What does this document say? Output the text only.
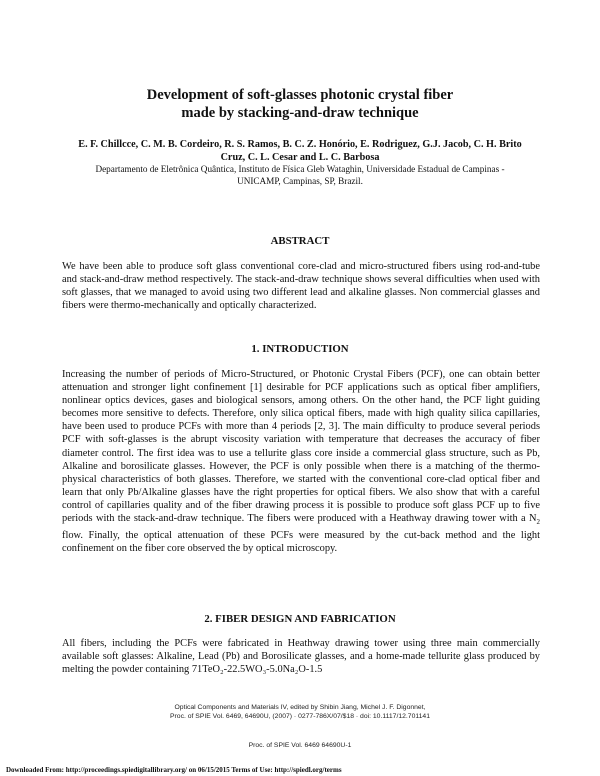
Development of soft-glasses photonic crystal fiber
made by stacking-and-draw technique
E. F. Chillcce, C. M. B. Cordeiro, R. S. Ramos, B. C. Z. Honório, E. Rodriguez, G.J. Jacob, C. H. Brito
Cruz, C. L. Cesar and L. C. Barbosa
Departamento de Eletrônica Quântica, Instituto de Física Gleb Wataghin, Universidade Estadual de Campinas -
UNICAMP, Campinas, SP, Brazil.
ABSTRACT

We have been able to produce soft glass conventional core-clad and micro-structured fibers using rod-and-tube and stack-and-draw method respectively. The stack-and-draw technique shows several difficulties when used with soft glasses, that we managed to avoid using two different lead and alkaline glasses. Non commercial glasses and fibers were thermo-mechanically and optically characterized.

1. INTRODUCTION

Increasing the number of periods of Micro-Structured, or Photonic Crystal Fibers (PCF), one can obtain better attenuation and stronger light confinement [1] desirable for PCF applications such as optical fiber amplifiers, nonlinear optics devices, gases and biological sensors, among others. On the other hand, the PCF light guiding becomes more sensitive to defects. Therefore, only silica optical fibers, made with high quality silica capillaries, have been used to produce PCFs with more than 4 periods [2, 3]. The main difficulty to produce several periods PCF with soft-glasses is the abrupt viscosity variation with temperature that decreases the accuracy of fiber diameter control. The first idea was to use a tellurite glass core inside a commercial glass structure, such as Pb, Alkaline and borosilicate glasses. However, the PCF is only possible when there is a matching of the thermo-physical characteristics of both glasses. Therefore, we started with the conventional core-clad optical fiber and learn that only Pb/Alkaline glasses have the right properties for optical fibers. We also show that with a careful control of capillaries quality and of the fiber drawing process it is possible to produce soft glass PCF up to five periods with the stack-and-draw technique. The fibers were produced with a Heathway drawing tower with a $N_2$ flow. Finally, the optical attenuation of these PCFs were measured by the cut-back method and the light confinement on the fiber core observed the by optical microscopy.

2. FIBER DESIGN AND FABRICATION

All fibers, including the PCFs were fabricated in Heathway drawing tower using three main commercially available soft glasses: Alkaline, Lead (Pb) and Borosilicate glasses, and a home-made tellurite glass produced by melting the powder containing 71TeO₂-22.5WO₃-5.0Na₂O-1.5

Optical Components and Materials IV, edited by Shibin Jiang, Michel J. F. Digonnet,
Proc. of SPIE Vol. 6469, 64690U, (2007) · 0277-786X/07/$18 · doi: 10.1117/12.701141
Proc. of SPIE Vol. 6469 64690U-1
Downloaded From: http://proceedings.spiedigitallibrary.org/ on 06/15/2015 Terms of Use: http://spiedl.org/terms
